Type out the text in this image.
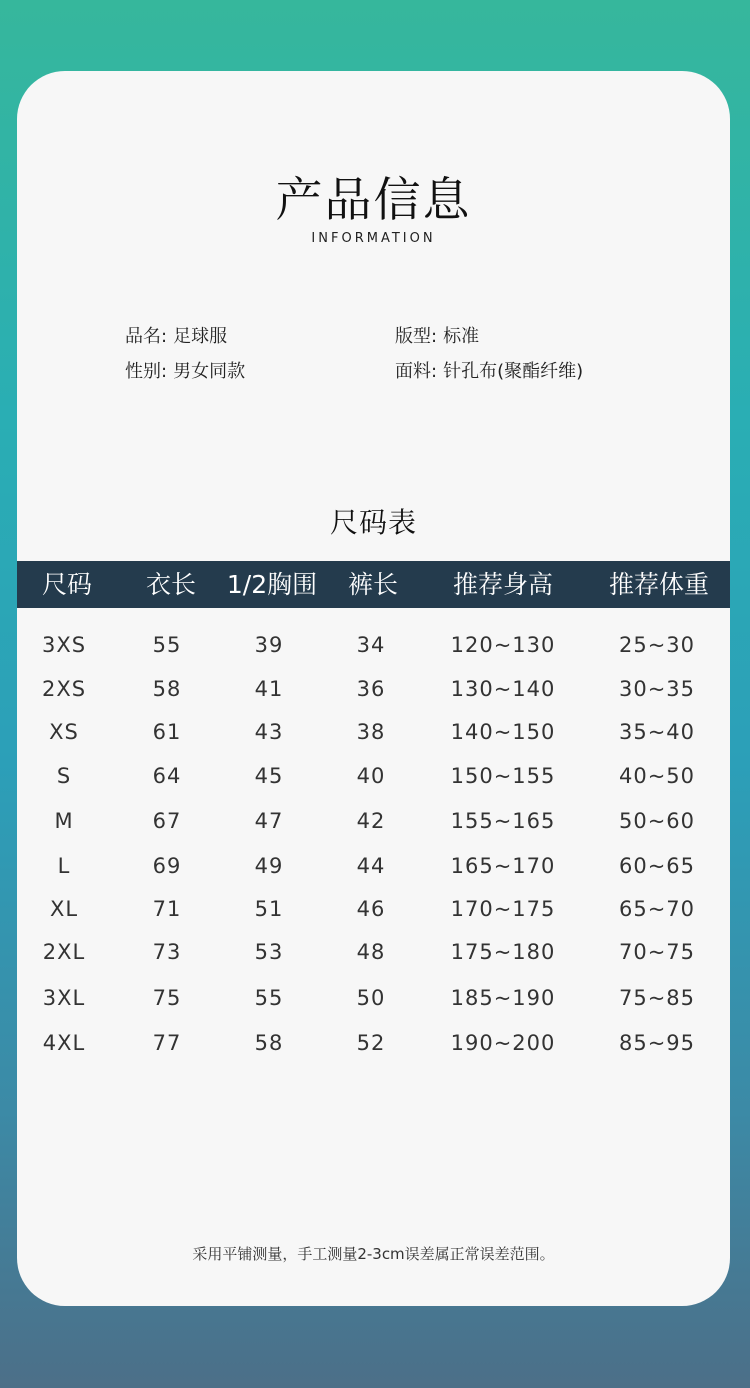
产品信息
INFORMATION
品名: 足球服	版型: 标准
性别: 男女同款	面料: 针孔布(聚酯纤维)
尺码表
尺码 衣长 1/2胸围 裤长 推荐身高 推荐体重
3XS	55	39	34	120~130	25~30
2XS	58	41	36	130~140	30~35
XS	61	43	38	140~150	35~40
S	64	45	40	150~155	40~50
M	67	47	42	155~165	50~60
L	69	49	44	165~170	60~65
XL	71	51	46	170~175	65~70
2XL	73	53	48	175~180	70~75
3XL	75	55	50	185~190	75~85
4XL	77	58	52	190~200	85~95
采用平铺测量，手工测量2-3cm误差属正常误差范围。
